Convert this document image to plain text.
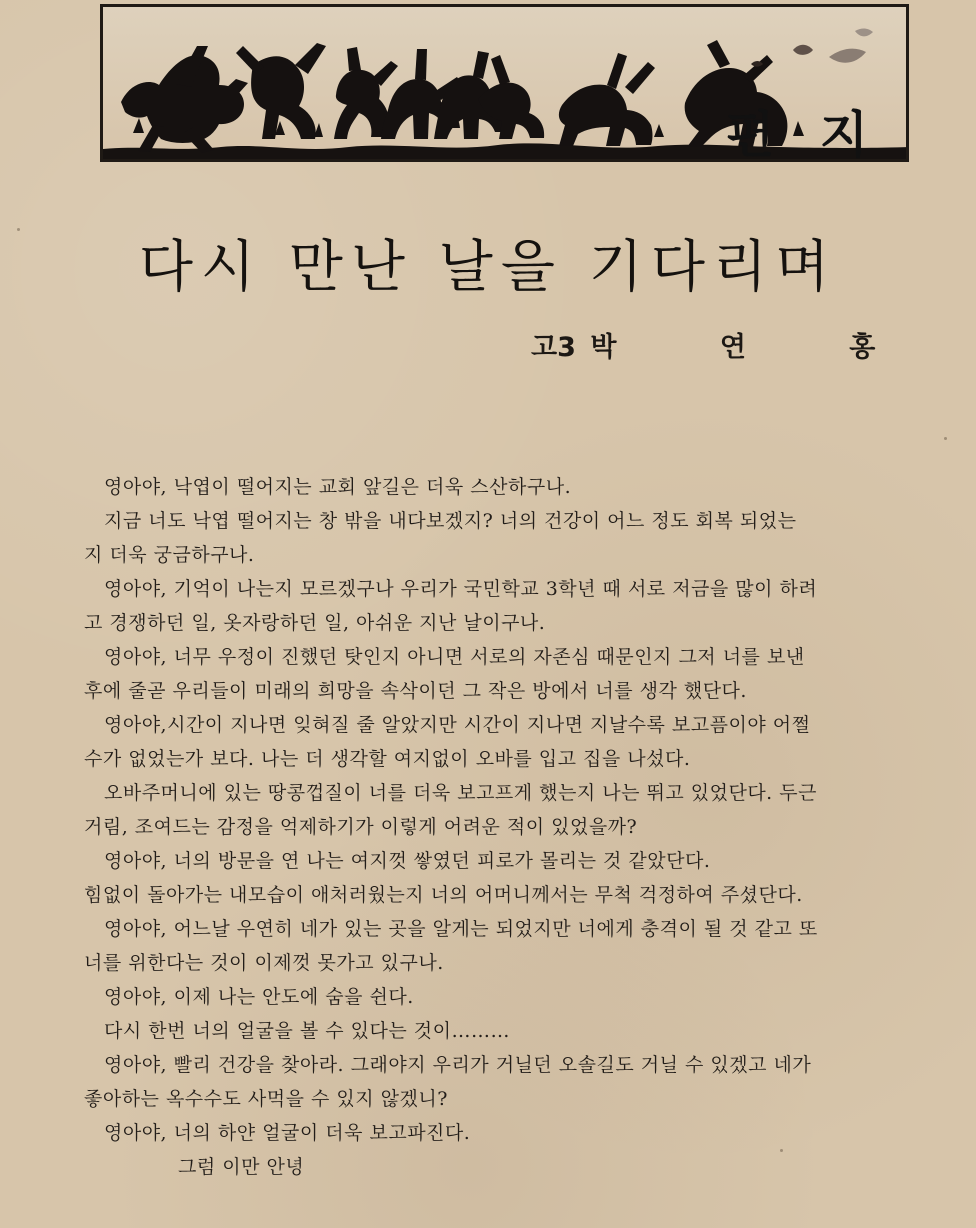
편 지
다시 만난 날을 기다리며
고3 박	연	홍
영아야, 낙엽이 떨어지는 교회 앞길은 더욱 스산하구나.
지금 너도 낙엽 떨어지는 창 밖을 내다보겠지? 너의 건강이 어느 정도 회복 되었는
지 더욱 궁금하구나.
영아야, 기억이 나는지 모르겠구나 우리가 국민학교 3학년 때 서로 저금을 많이 하려
고 경쟁하던 일, 옷자랑하던 일, 아쉬운 지난 날이구나.
영아야, 너무 우정이 진했던 탓인지 아니면 서로의 자존심 때문인지 그저 너를 보낸
후에 줄곧 우리들이 미래의 희망을 속삭이던 그 작은 방에서 너를 생각 했단다.
영아야,시간이 지나면 잊혀질 줄 알았지만 시간이 지나면 지날수록 보고픔이야 어쩔
수가 없었는가 보다. 나는 더 생각할 여지없이 오바를 입고 집을 나섰다.
오바주머니에 있는 땅콩껍질이 너를 더욱 보고프게 했는지 나는 뛰고 있었단다. 두근
거림, 조여드는 감정을 억제하기가 이렇게 어려운 적이 있었을까?
영아야, 너의 방문을 연 나는 여지껏 쌓였던 피로가 몰리는 것 같았단다.
힘없이 돌아가는 내모습이 애처러웠는지 너의 어머니께서는 무척 걱정하여 주셨단다.
영아야, 어느날 우연히 네가 있는 곳을 알게는 되었지만 너에게 충격이 될 것 같고 또
너를 위한다는 것이 이제껏 못가고 있구나.
영아야, 이제 나는 안도에 숨을 쉰다.
다시 한번 너의 얼굴을 볼 수 있다는 것이………
영아야, 빨리 건강을 찾아라. 그래야지 우리가 거닐던 오솔길도 거닐 수 있겠고 네가
좋아하는 옥수수도 사먹을 수 있지 않겠니?
영아야, 너의 하얀 얼굴이 더욱 보고파진다.
그럼 이만 안녕
